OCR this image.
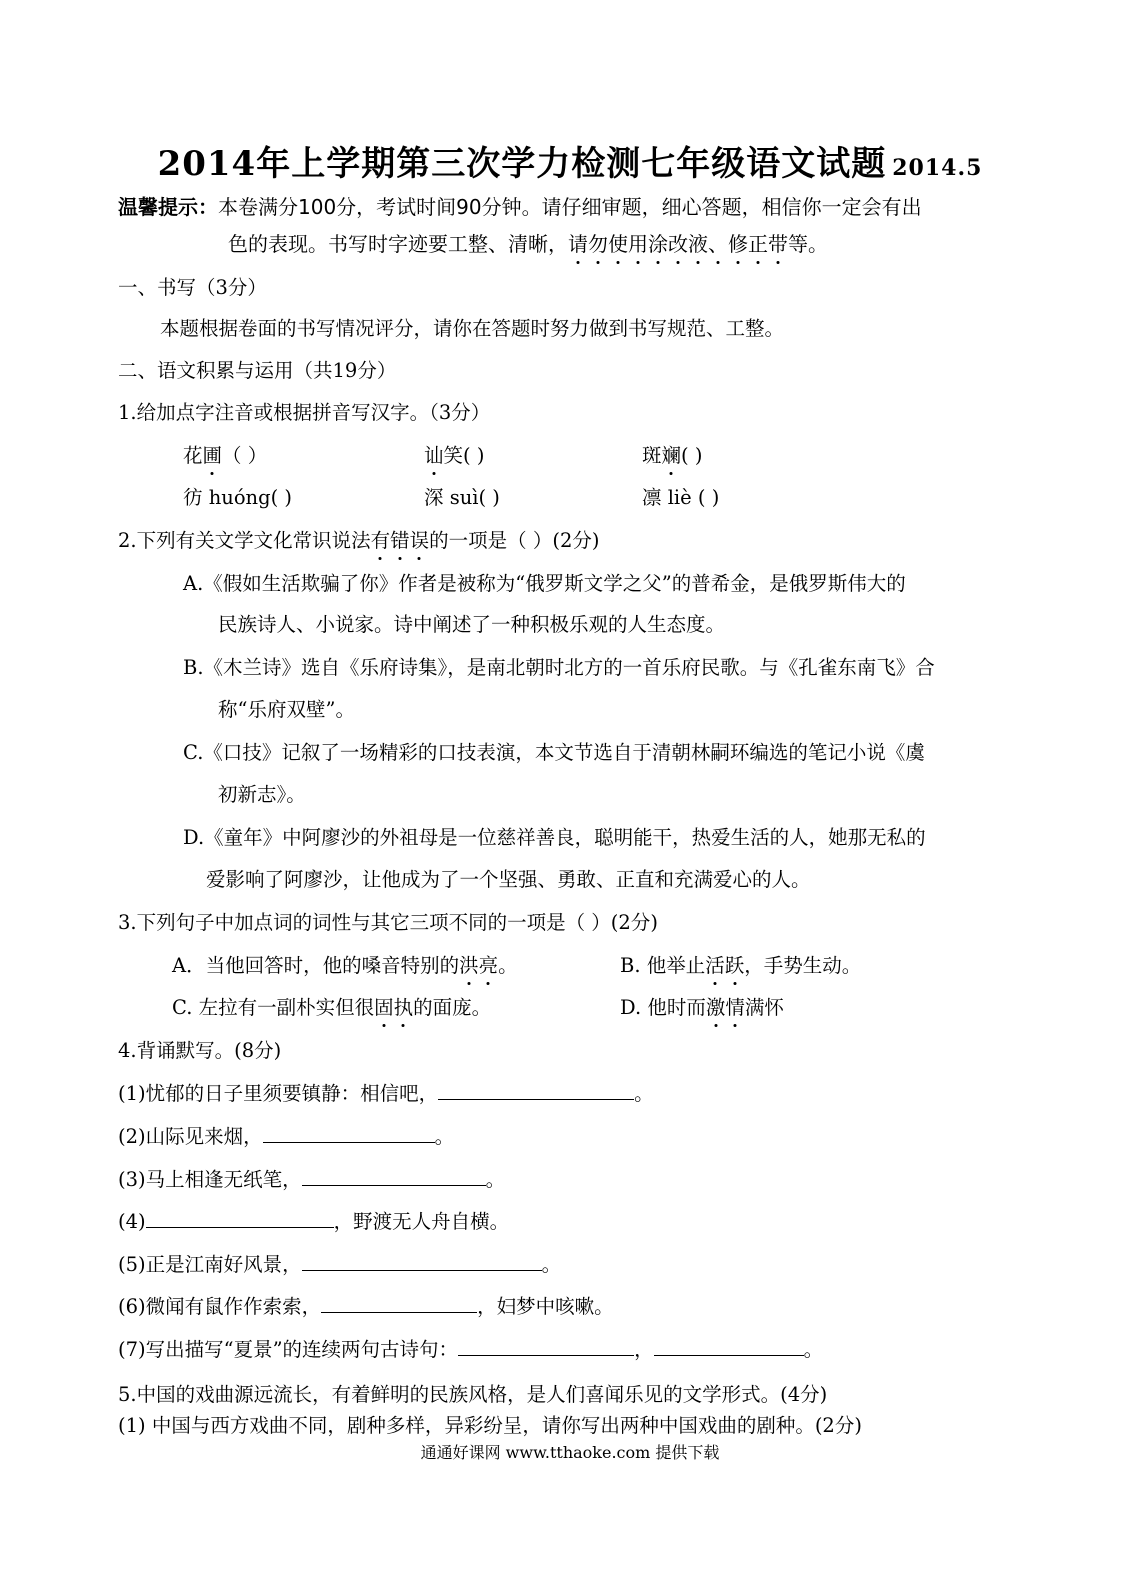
2014年上学期第三次学力检测七年级语文试题 2014.5
温馨提示：本卷满分100分，考试时间90分钟。请仔细审题，细心答题，相信你一定会有出
色的表现。书写时字迹要工整、清晰，请勿使用涂改液、修正带等。
一、书写（3分）
本题根据卷面的书写情况评分，请你在答题时努力做到书写规范、工整。
二、语文积累与运用（共19分）
1.给加点字注音或根据拼音写汉字。（3分）
花圃（ ）	讪笑( )	斑斓( )
彷 huóng( )	深 suì( )	凛 liè ( )
2.下列有关文学文化常识说法有错误的一项是（ ）(2分)
A.《假如生活欺骗了你》作者是被称为“俄罗斯文学之父”的普希金，是俄罗斯伟大的
民族诗人、小说家。诗中阐述了一种积极乐观的人生态度。
B.《木兰诗》选自《乐府诗集》，是南北朝时北方的一首乐府民歌。与《孔雀东南飞》合
称“乐府双壁”。
C.《口技》记叙了一场精彩的口技表演，本文节选自于清朝林嗣环编选的笔记小说《虞
初新志》。
D.《童年》中阿廖沙的外祖母是一位慈祥善良，聪明能干，热爱生活的人，她那无私的
爱影响了阿廖沙，让他成为了一个坚强、勇敢、正直和充满爱心的人。
3.下列句子中加点词的词性与其它三项不同的一项是（ ）(2分)
A．当他回答时，他的嗓音特别的洪亮。	B. 他举止活跃，手势生动。
C. 左拉有一副朴实但很固执的面庞。	D. 他时而激情满怀
4.背诵默写。(8分)
(1)忧郁的日子里须要镇静：相信吧，	。
(2)山际见来烟，	。
(3)马上相逢无纸笔，	。
(4)	，野渡无人舟自横。
(5)正是江南好风景，	。
(6)微闻有鼠作作索索，	，妇梦中咳嗽。
(7)写出描写“夏景”的连续两句古诗句：	，	。
5.中国的戏曲源远流长，有着鲜明的民族风格，是人们喜闻乐见的文学形式。(4分)
(1) 中国与西方戏曲不同，剧种多样，异彩纷呈，请你写出两种中国戏曲的剧种。(2分)
通通好课网 www.tthaoke.com 提供下载
